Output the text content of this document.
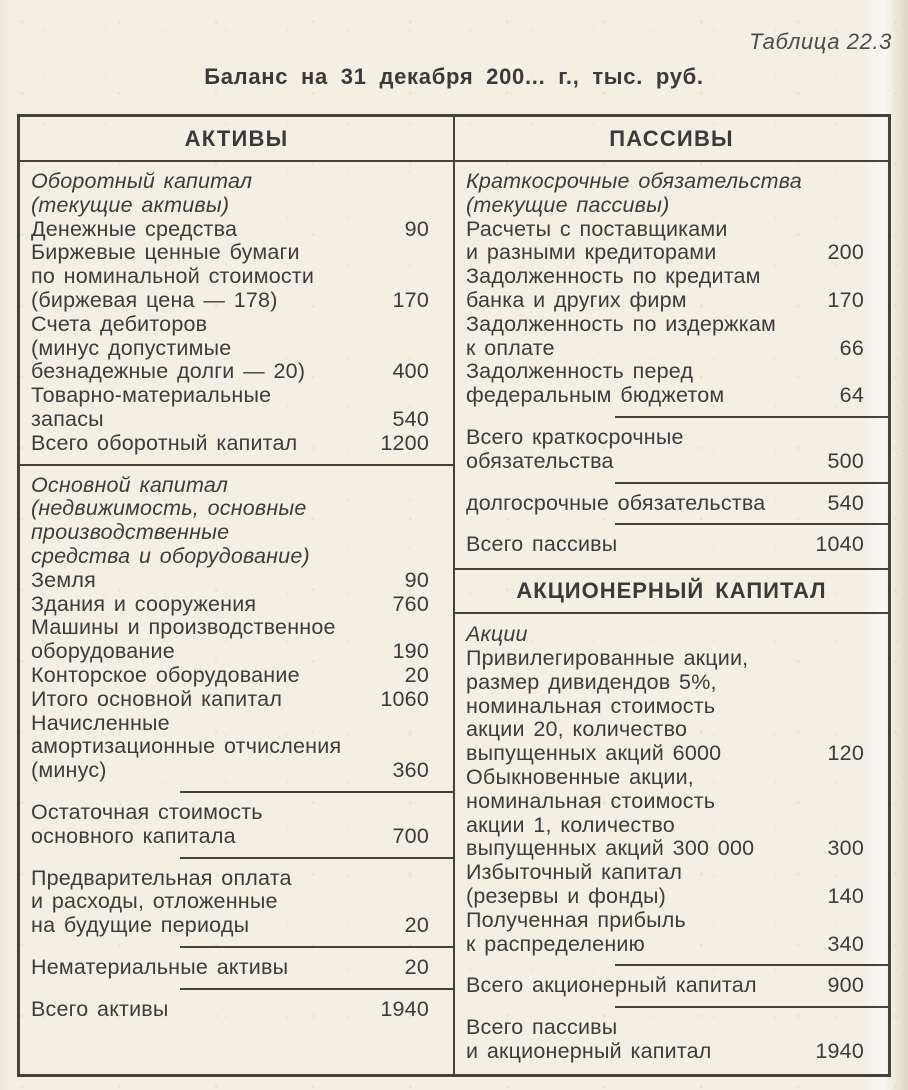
Таблица 22.3
Баланс на 31 декабря 200... г., тыс. руб.
АКТИВЫ	ПАССИВЫ
Оборотный капитал
(текущие активы)
Денежные средства	90
Биржевые ценные бумаги
по номинальной стоимости
(биржевая цена — 178)	170
Счета дебиторов
(минус допустимые
безнадежные долги — 20)	400
Товарно-материальные
запасы	540
Всего оборотный капитал	1200
Основной капитал
(недвижимость, основные
производственные
средства и оборудование)
Земля	90
Здания и сооружения	760
Машины и производственное
оборудование	190
Конторское оборудование	20
Итого основной капитал	1060
Начисленные
амортизационные отчисления
(минус)	360
Остаточная стоимость
основного капитала	700
Предварительная оплата
и расходы, отложенные
на будущие периоды	20
Нематериальные активы	20
Всего активы	1940
Краткосрочные обязательства
(текущие пассивы)
Расчеты с поставщиками
и разными кредиторами	200
Задолженность по кредитам
банка и других фирм	170
Задолженность по издержкам
к оплате	66
Задолженность перед
федеральным бюджетом	64
Всего краткосрочные
обязательства	500
долгосрочные обязательства	540
Всего пассивы	1040
АКЦИОНЕРНЫЙ КАПИТАЛ
Акции
Привилегированные акции,
размер дивидендов 5%,
номинальная стоимость
акции 20, количество
выпущенных акций 6000	120
Обыкновенные акции,
номинальная стоимость
акции 1, количество
выпущенных акций 300 000	300
Избыточный капитал
(резервы и фонды)	140
Полученная прибыль
к распределению	340
Всего акционерный капитал	900
Всего пассивы
и акционерный капитал	1940
